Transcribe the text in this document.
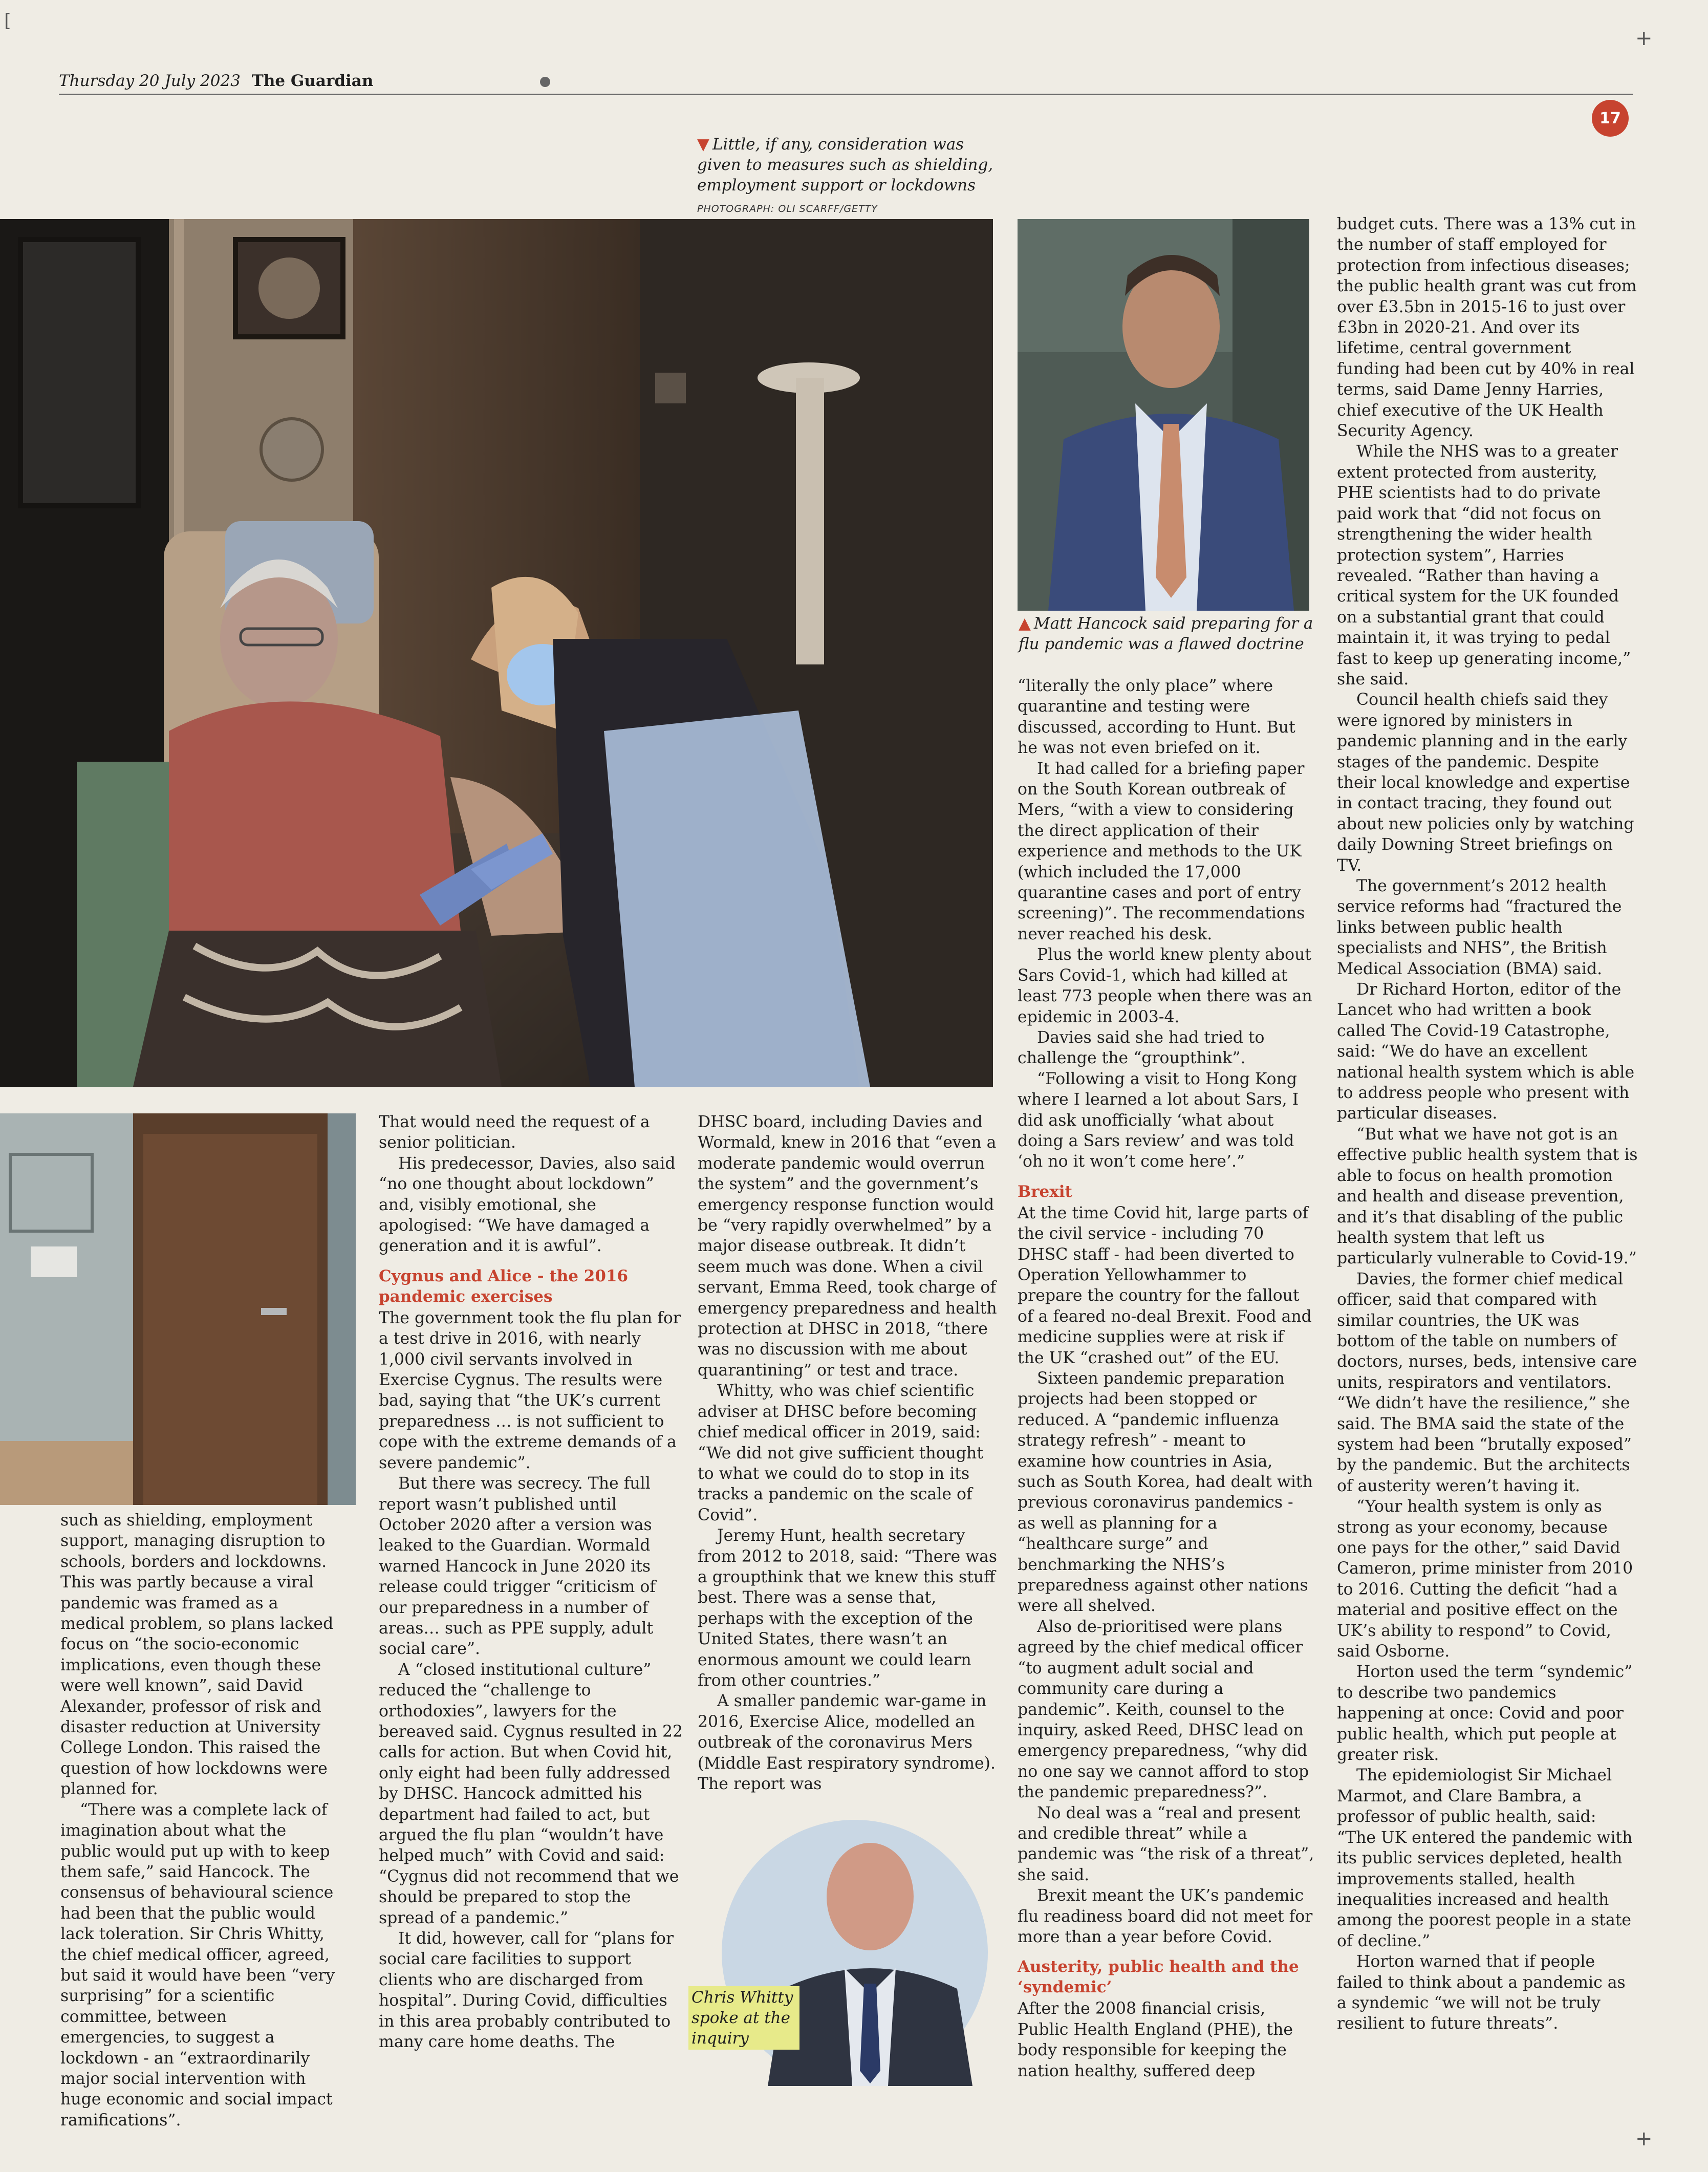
Thursday 20 July 2023 The Guardian
17
+
+
[
▼ Little, if any, consideration was given to measures such as shielding, employment support or lockdowns
PHOTOGRAPH: OLI SCARFF/GETTY
▲ Matt Hancock said preparing for a flu pandemic was a flawed doctrine
Chris Whitty spoke at the inquiry

such as shielding, employment support, managing disruption to schools, borders and lockdowns. This was partly because a viral pandemic was framed as a medical problem, so plans lacked focus on “the socio-economic implications, even though these were well known”, said David Alexander, professor of risk and disaster reduction at University College London. This raised the question of how lockdowns were planned for.

“There was a complete lack of imagination about what the public would put up with to keep them safe,” said Hancock. The consensus of behavioural science had been that the public would lack toleration. Sir Chris Whitty, the chief medical officer, agreed, but said it would have been “very surprising” for a scientific committee, between emergencies, to suggest a lockdown - an “extraordinarily major social intervention with huge economic and social impact ramifications”.

That would need the request of a senior politician.

His predecessor, Davies, also said “no one thought about lockdown” and, visibly emotional, she apologised: “We have damaged a generation and it is awful”.

Cygnus and Alice - the 2016 pandemic exercises

The government took the flu plan for a test drive in 2016, with nearly 1,000 civil servants involved in Exercise Cygnus. The results were bad, saying that “the UK’s current preparedness … is not sufficient to cope with the extreme demands of a severe pandemic”.

But there was secrecy. The full report wasn’t published until October 2020 after a version was leaked to the Guardian. Wormald warned Hancock in June 2020 its release could trigger “criticism of our preparedness in a number of areas… such as PPE supply, adult social care”.

A “closed institutional culture” reduced the “challenge to orthodoxies”, lawyers for the bereaved said. Cygnus resulted in 22 calls for action. But when Covid hit, only eight had been fully addressed by DHSC. Hancock admitted his department had failed to act, but argued the flu plan “wouldn’t have helped much” with Covid and said: “Cygnus did not recommend that we should be prepared to stop the spread of a pandemic.”

It did, however, call for “plans for social care facilities to support clients who are discharged from hospital”. During Covid, difficulties in this area probably contributed to many care home deaths. The

DHSC board, including Davies and Wormald, knew in 2016 that “even a moderate pandemic would overrun the system” and the government’s emergency response function would be “very rapidly overwhelmed” by a major disease outbreak. It didn’t seem much was done. When a civil servant, Emma Reed, took charge of emergency preparedness and health protection at DHSC in 2018, “there was no discussion with me about quarantining” or test and trace.

Whitty, who was chief scientific adviser at DHSC before becoming chief medical officer in 2019, said: “We did not give sufficient thought to what we could do to stop in its tracks a pandemic on the scale of Covid”.

Jeremy Hunt, health secretary from 2012 to 2018, said: “There was a groupthink that we knew this stuff best. There was a sense that, perhaps with the exception of the United States, there wasn’t an enormous amount we could learn from other countries.”

A smaller pandemic war-game in 2016, Exercise Alice, modelled an outbreak of the coronavirus Mers (Middle East respiratory syndrome). The report was

“literally the only place” where quarantine and testing were discussed, according to Hunt. But he was not even briefed on it.

It had called for a briefing paper on the South Korean outbreak of Mers, “with a view to considering the direct application of their experience and methods to the UK (which included the 17,000 quarantine cases and port of entry screening)”. The recommendations never reached his desk.

Plus the world knew plenty about Sars Covid-1, which had killed at least 773 people when there was an epidemic in 2003-4.

Davies said she had tried to challenge the “groupthink”.

“Following a visit to Hong Kong where I learned a lot about Sars, I did ask unofficially ‘what about doing a Sars review’ and was told ‘oh no it won’t come here’.”

Brexit

At the time Covid hit, large parts of the civil service - including 70 DHSC staff - had been diverted to Operation Yellowhammer to prepare the country for the fallout of a feared no-deal Brexit. Food and medicine supplies were at risk if the UK “crashed out” of the EU.

Sixteen pandemic preparation projects had been stopped or reduced. A “pandemic influenza strategy refresh” - meant to examine how countries in Asia, such as South Korea, had dealt with previous coronavirus pandemics - as well as planning for a “healthcare surge” and benchmarking the NHS’s preparedness against other nations were all shelved.

Also de-prioritised were plans agreed by the chief medical officer “to augment adult social and community care during a pandemic”. Keith, counsel to the inquiry, asked Reed, DHSC lead on emergency preparedness, “why did no one say we cannot afford to stop the pandemic preparedness?”.

No deal was a “real and present and credible threat” while a pandemic was “the risk of a threat”, she said.

Brexit meant the UK’s pandemic flu readiness board did not meet for more than a year before Covid.

Austerity, public health and the ‘syndemic’

After the 2008 financial crisis, Public Health England (PHE), the body responsible for keeping the nation healthy, suffered deep

budget cuts. There was a 13% cut in the number of staff employed for protection from infectious diseases; the public health grant was cut from over £3.5bn in 2015-16 to just over £3bn in 2020-21. And over its lifetime, central government funding had been cut by 40% in real terms, said Dame Jenny Harries, chief executive of the UK Health Security Agency.

While the NHS was to a greater extent protected from austerity, PHE scientists had to do private paid work that “did not focus on strengthening the wider health protection system”, Harries revealed. “Rather than having a critical system for the UK founded on a substantial grant that could maintain it, it was trying to pedal fast to keep up generating income,” she said.

Council health chiefs said they were ignored by ministers in pandemic planning and in the early stages of the pandemic. Despite their local knowledge and expertise in contact tracing, they found out about new policies only by watching daily Downing Street briefings on TV.

The government’s 2012 health service reforms had “fractured the links between public health specialists and NHS”, the British Medical Association (BMA) said.

Dr Richard Horton, editor of the Lancet who had written a book called The Covid-19 Catastrophe, said: “We do have an excellent national health system which is able to address people who present with particular diseases.

“But what we have not got is an effective public health system that is able to focus on health promotion and health and disease prevention, and it’s that disabling of the public health system that left us particularly vulnerable to Covid-19.”

Davies, the former chief medical officer, said that compared with similar countries, the UK was bottom of the table on numbers of doctors, nurses, beds, intensive care units, respirators and ventilators. “We didn’t have the resilience,” she said. The BMA said the state of the system had been “brutally exposed” by the pandemic. But the architects of austerity weren’t having it.

“Your health system is only as strong as your economy, because one pays for the other,” said David Cameron, prime minister from 2010 to 2016. Cutting the deficit “had a material and positive effect on the UK’s ability to respond” to Covid, said Osborne.

Horton used the term “syndemic” to describe two pandemics happening at once: Covid and poor public health, which put people at greater risk.

The epidemiologist Sir Michael Marmot, and Clare Bambra, a professor of public health, said: “The UK entered the pandemic with its public services depleted, health improvements stalled, health inequalities increased and health among the poorest people in a state of decline.”

Horton warned that if people failed to think about a pandemic as a syndemic “we will not be truly resilient to future threats”.
